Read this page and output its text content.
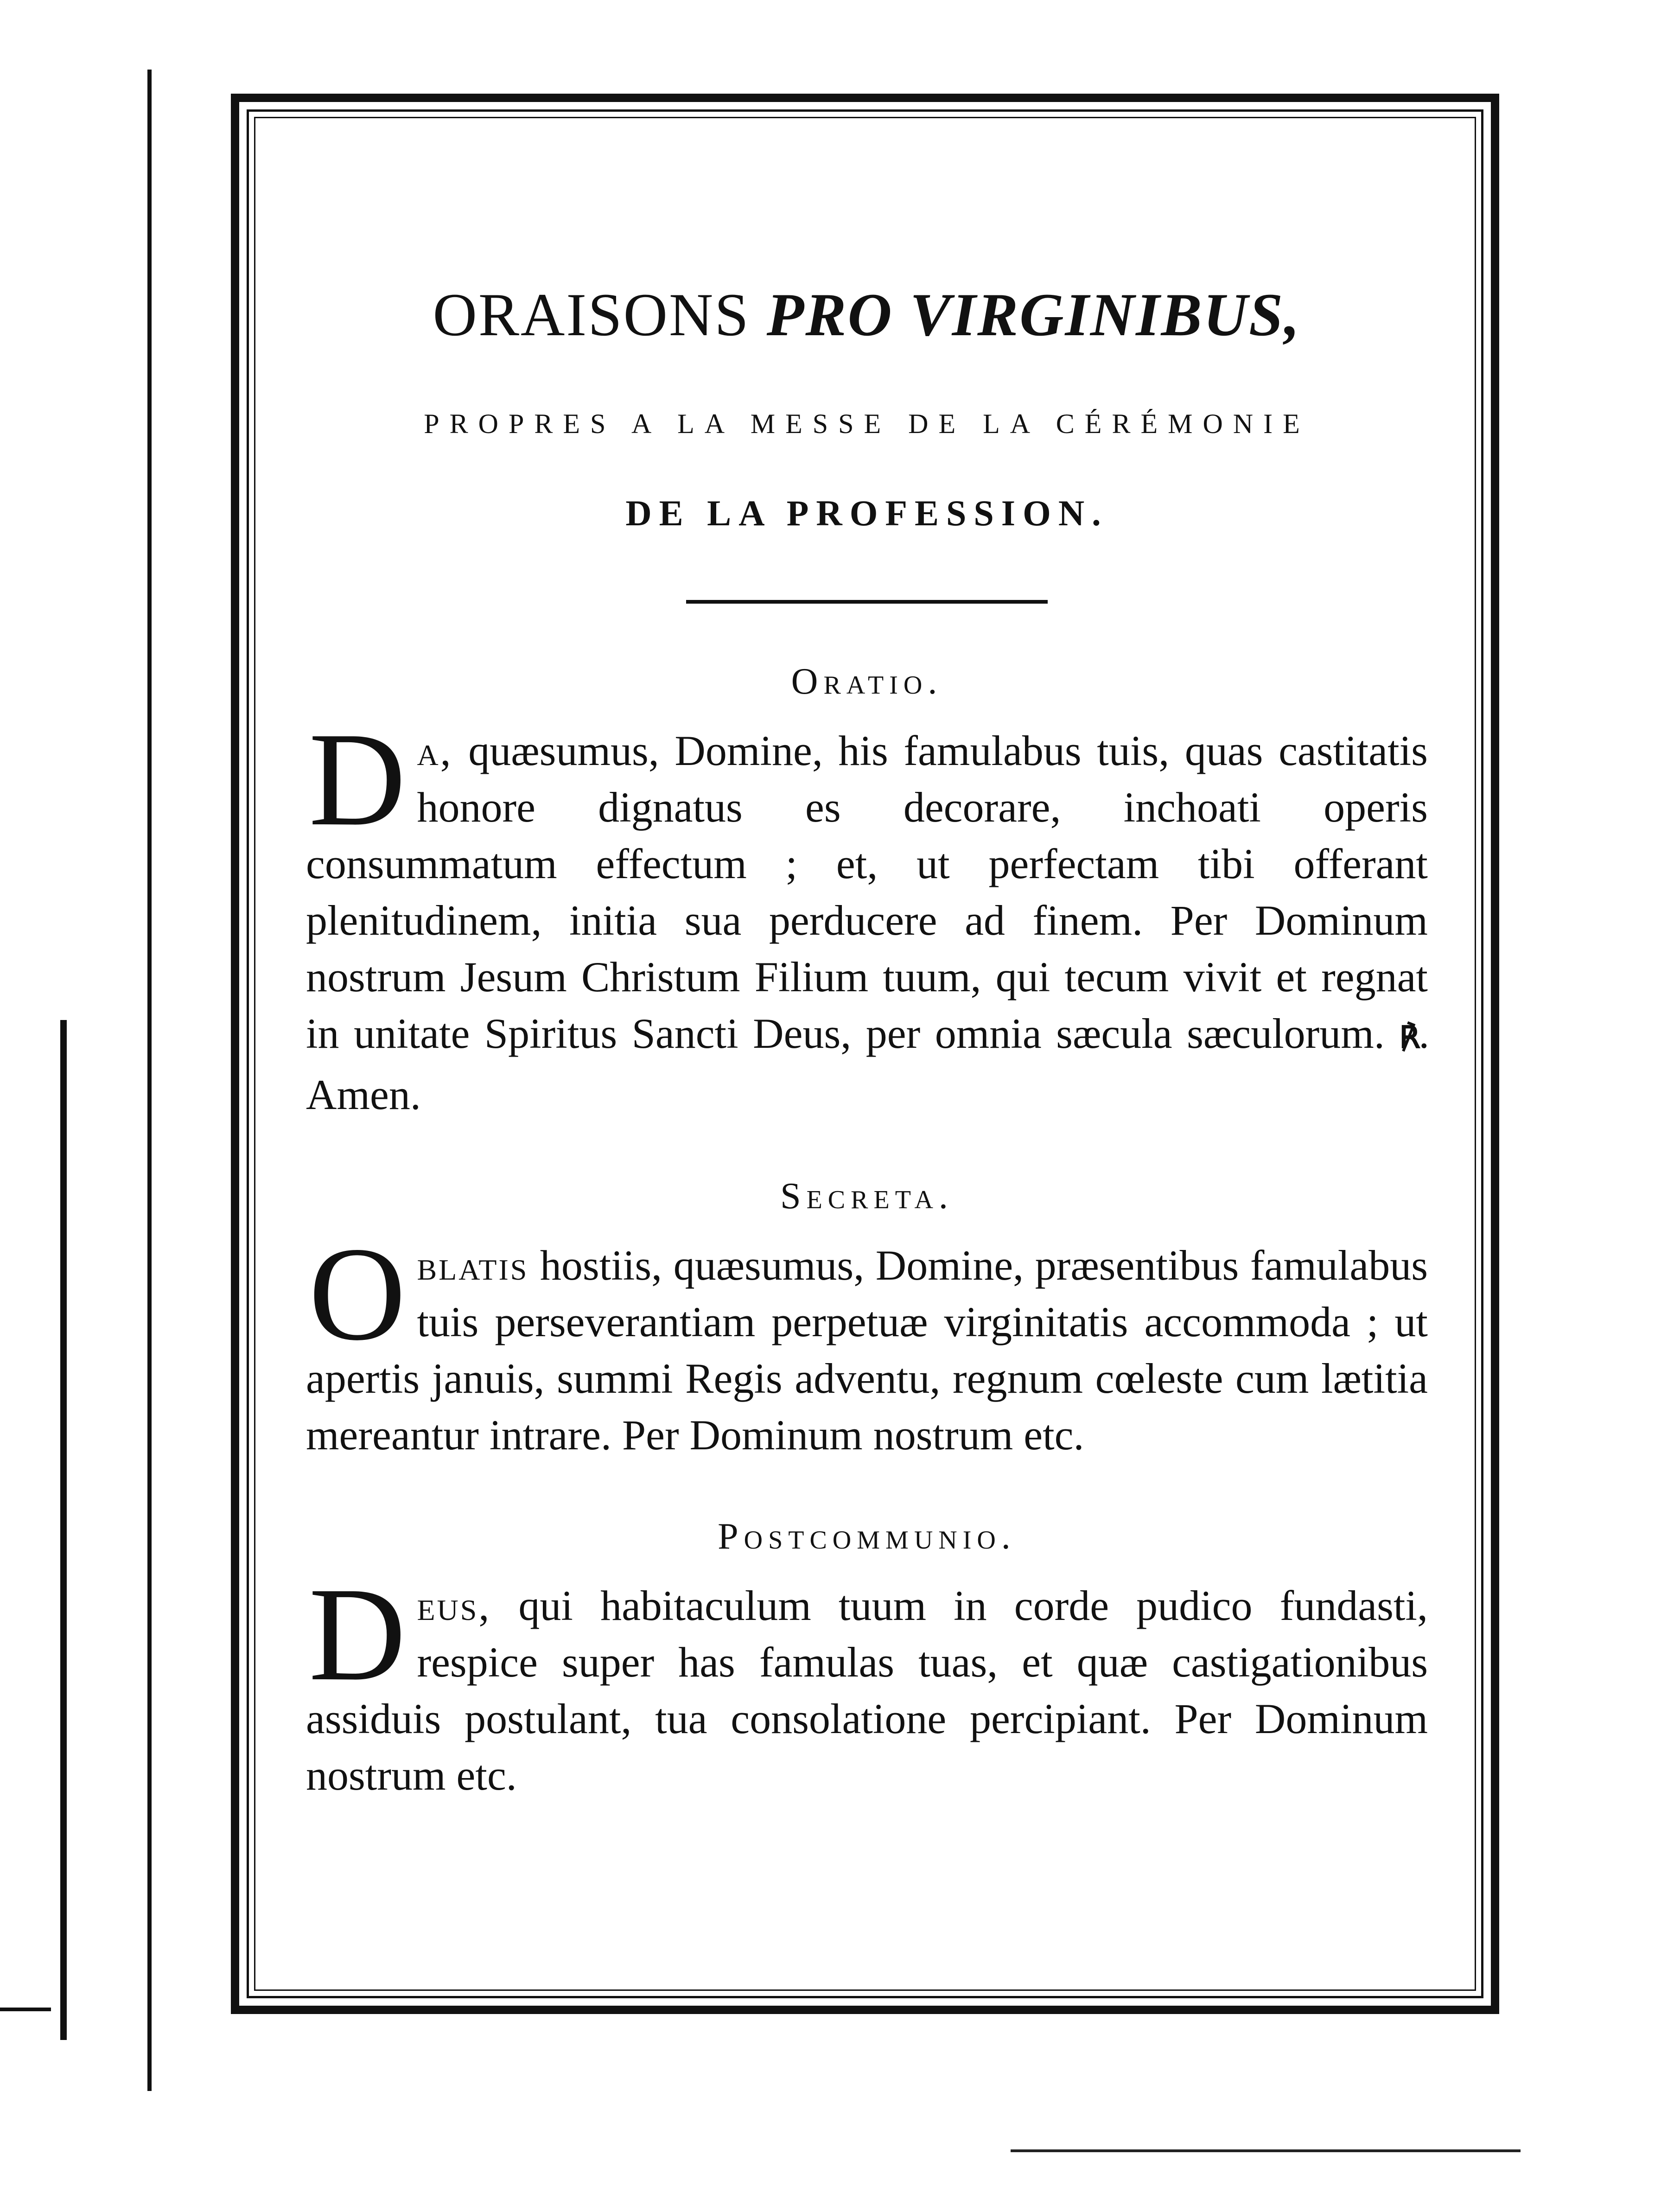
ORAISONS PRO VIRGINIBUS,
PROPRES A LA MESSE DE LA CÉRÉMONIE
DE LA PROFESSION.
Oratio.

Da, quæsumus, Domine, his famulabus tuis, quas castitatis honore dignatus es decorare, inchoati operis consummatum effectum ; et, ut perfectam tibi offerant plenitudinem, initia sua perducere ad finem. Per Dominum nostrum Jesum Christum Filium tuum, qui tecum vivit et regnat in unitate Spiritus Sancti Deus, per omnia sæcula sæculorum. ℟. Amen.

Secreta.

Oblatis hostiis, quæsumus, Domine, præsentibus famulabus tuis perseverantiam perpetuæ virginitatis accommoda ; ut apertis januis, summi Regis adventu, regnum cœleste cum lætitia mereantur intrare. Per Dominum nostrum etc.

Postcommunio.

Deus, qui habitaculum tuum in corde pudico fundasti, respice super has famulas tuas, et quæ castigationibus assiduis postulant, tua consolatione percipiant. Per Dominum nostrum etc.
